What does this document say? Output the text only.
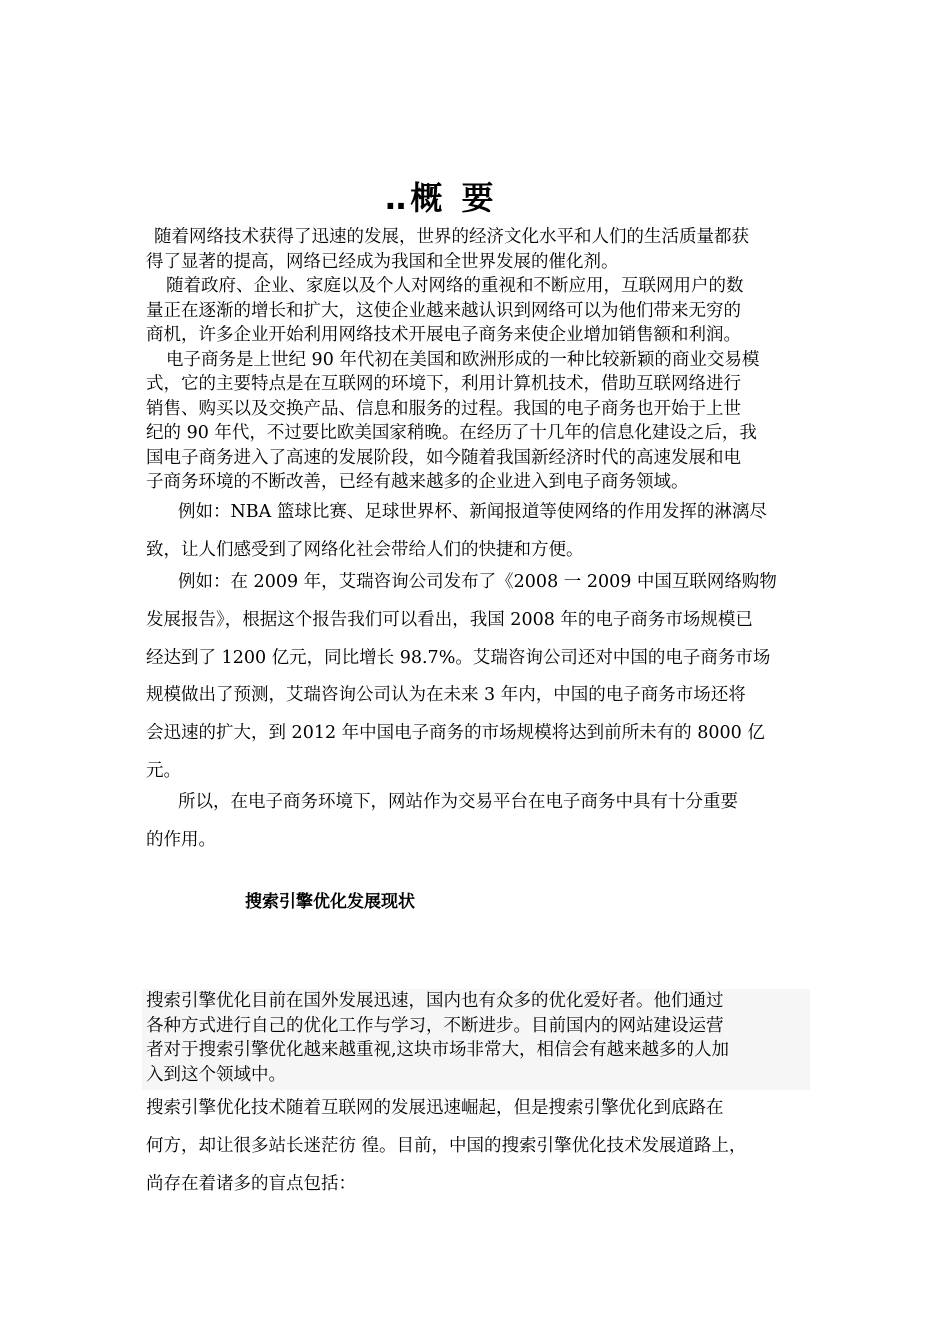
‥概 要

随着网络技术获得了迅速的发展，世界的经济文化水平和人们的生活质量都获
得了显著的提高，网络已经成为我国和全世界发展的催化剂。

随着政府、企业、家庭以及个人对网络的重视和不断应用，互联网用户的数
量正在逐渐的增长和扩大，这使企业越来越认识到网络可以为他们带来无穷的
商机，许多企业开始利用网络技术开展电子商务来使企业增加销售额和利润。

电子商务是上世纪 90 年代初在美国和欧洲形成的一种比较新颖的商业交易模
式，它的主要特点是在互联网的环境下，利用计算机技术，借助互联网络进行
销售、购买以及交换产品、信息和服务的过程。我国的电子商务也开始于上世
纪的 90 年代，不过要比欧美国家稍晚。在经历了十几年的信息化建设之后，我
国电子商务进入了高速的发展阶段，如今随着我国新经济时代的高速发展和电
子商务环境的不断改善，已经有越来越多的企业进入到电子商务领域。

例如：NBA 篮球比赛、足球世界杯、新闻报道等使网络的作用发挥的淋漓尽
致，让人们感受到了网络化社会带给人们的快捷和方便。
例如：在 2009 年，艾瑞咨询公司发布了《2008 一 2009 中国互联网络购物
发展报告》，根据这个报告我们可以看出，我国 2008 年的电子商务市场规模已
经达到了 1200 亿元，同比增长 98.7%。艾瑞咨询公司还对中国的电子商务市场
规模做出了预测，艾瑞咨询公司认为在未来 3 年内，中国的电子商务市场还将
会迅速的扩大，到 2012 年中国电子商务的市场规模将达到前所未有的 8000 亿
元。
所以，在电子商务环境下，网站作为交易平台在电子商务中具有十分重要
的作用。
搜索引擎优化发展现状
搜索引擎优化目前在国外发展迅速，国内也有众多的优化爱好者。他们通过
各种方式进行自己的优化工作与学习，不断进步。目前国内的网站建设运营
者对于搜索引擎优化越来越重视,这块市场非常大，相信会有越来越多的人加
入到这个领域中。
搜索引擎优化技术随着互联网的发展迅速崛起，但是搜索引擎优化到底路在
何方，却让很多站长迷茫彷 徨。目前，中国的搜索引擎优化技术发展道路上，
尚存在着诸多的盲点包括：
